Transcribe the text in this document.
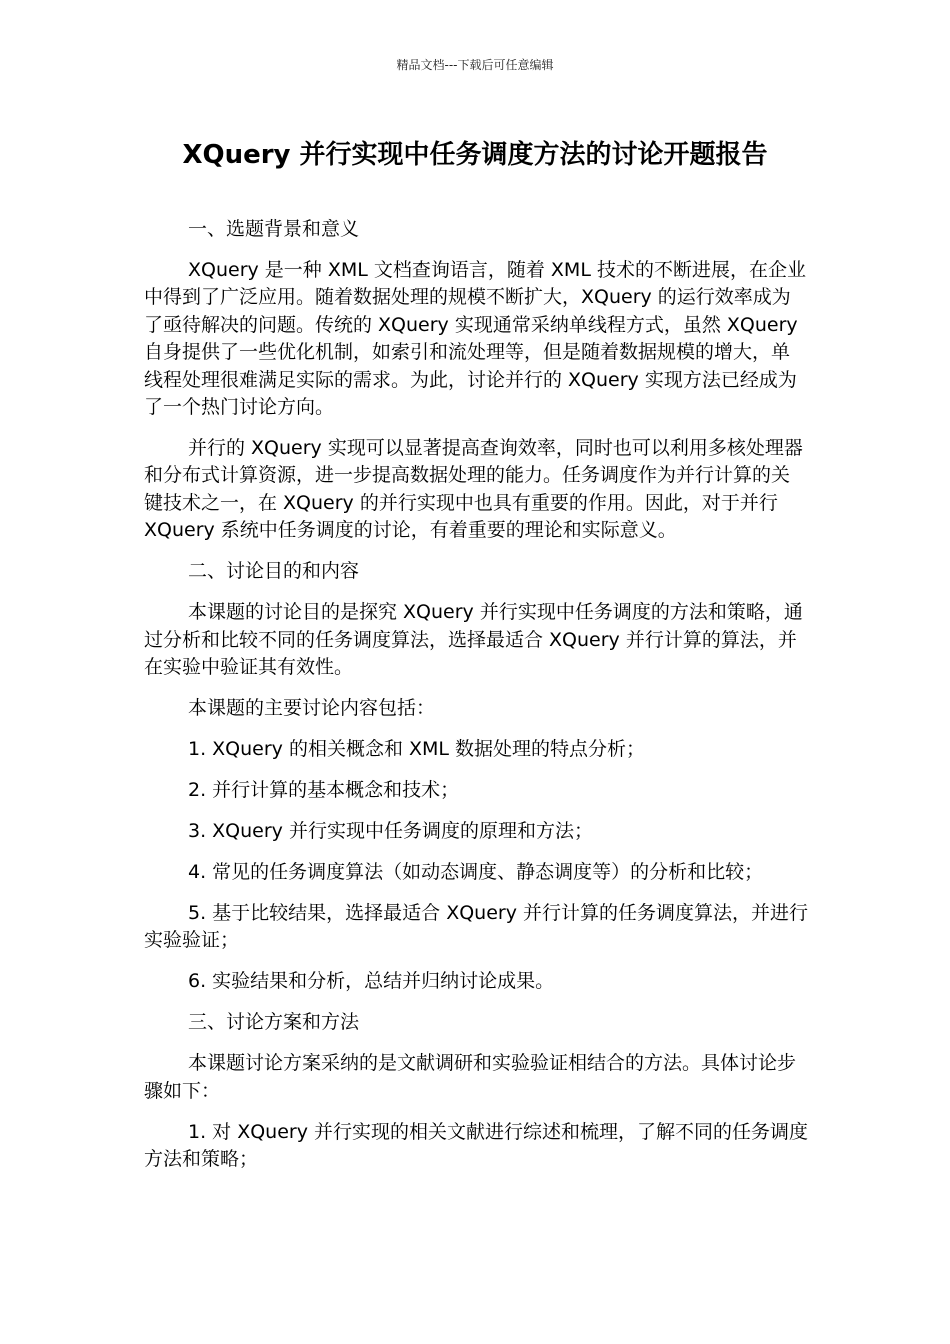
精品文档---下载后可任意编辑
XQuery 并行实现中任务调度方法的讨论开题报告

一、选题背景和意义

XQuery 是一种 XML 文档查询语言，随着 XML 技术的不断进展，在企业中得到了广泛应用。随着数据处理的规模不断扩大，XQuery 的运行效率成为了亟待解决的问题。传统的 XQuery 实现通常采纳单线程方式，虽然 XQuery 自身提供了一些优化机制，如索引和流处理等，但是随着数据规模的增大，单线程处理很难满足实际的需求。为此，讨论并行的 XQuery 实现方法已经成为了一个热门讨论方向。

并行的 XQuery 实现可以显著提高查询效率，同时也可以利用多核处理器和分布式计算资源，进一步提高数据处理的能力。任务调度作为并行计算的关键技术之一，在 XQuery 的并行实现中也具有重要的作用。因此，对于并行 XQuery 系统中任务调度的讨论，有着重要的理论和实际意义。

二、讨论目的和内容

本课题的讨论目的是探究 XQuery 并行实现中任务调度的方法和策略，通过分析和比较不同的任务调度算法，选择最适合 XQuery 并行计算的算法，并在实验中验证其有效性。

本课题的主要讨论内容包括：

1. XQuery 的相关概念和 XML 数据处理的特点分析；

2. 并行计算的基本概念和技术；

3. XQuery 并行实现中任务调度的原理和方法；

4. 常见的任务调度算法（如动态调度、静态调度等）的分析和比较；

5. 基于比较结果，选择最适合 XQuery 并行计算的任务调度算法，并进行实验验证；

6. 实验结果和分析，总结并归纳讨论成果。

三、讨论方案和方法

本课题讨论方案采纳的是文献调研和实验验证相结合的方法。具体讨论步骤如下：

1. 对 XQuery 并行实现的相关文献进行综述和梳理，了解不同的任务调度方法和策略；
